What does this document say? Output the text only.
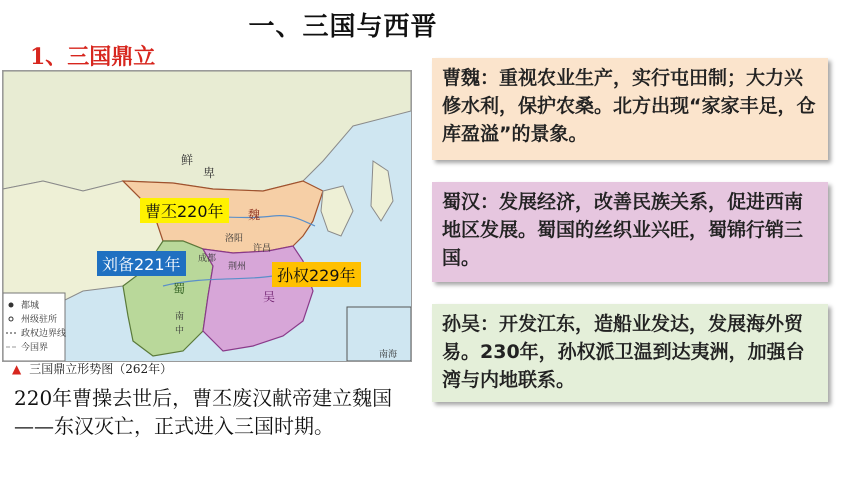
一、三国与西晋
1、三国鼎立
都城
州级驻所
政权边界线
今国界
鲜
卑
魏
洛阳
许昌
成都
荆州
蜀
吴
南
中
南海
曹丕220年
刘备221年
孙权229年
▲ 三国鼎立形势图（262年）
220年曹操去世后，曹丕废汉献帝建立魏国——东汉灭亡，正式进入三国时期。
曹魏：重视农业生产，实行屯田制；大力兴修水利，保护农桑。北方出现“家家丰足，仓库盈溢”的景象。
蜀汉：发展经济，改善民族关系，促进西南地区发展。蜀国的丝织业兴旺，蜀锦行销三国。
孙吴：开发江东，造船业发达，发展海外贸易。230年，孙权派卫温到达夷洲，加强台湾与内地联系。
